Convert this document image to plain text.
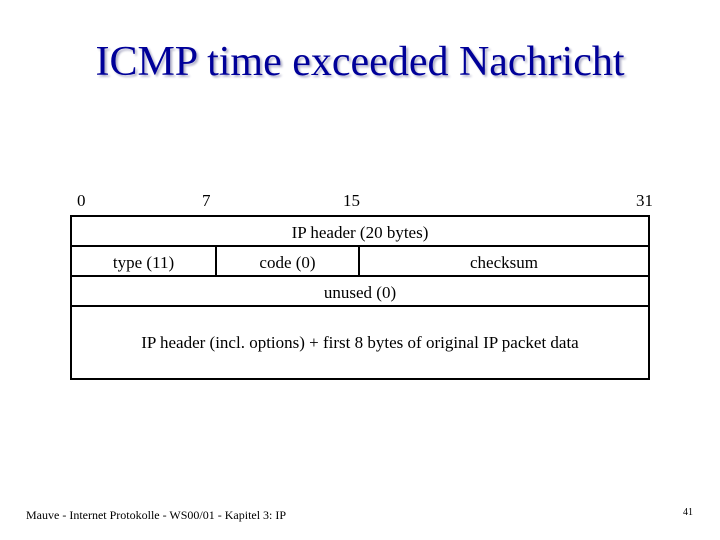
ICMP time exceeded Nachricht
0	7	15	31
IP header (20 bytes)
type (11)	code (0)	checksum
unused (0)
IP header (incl. options) + first 8 bytes of original IP packet data
Mauve - Internet Protokolle - WS00/01 - Kapitel 3: IP	41
